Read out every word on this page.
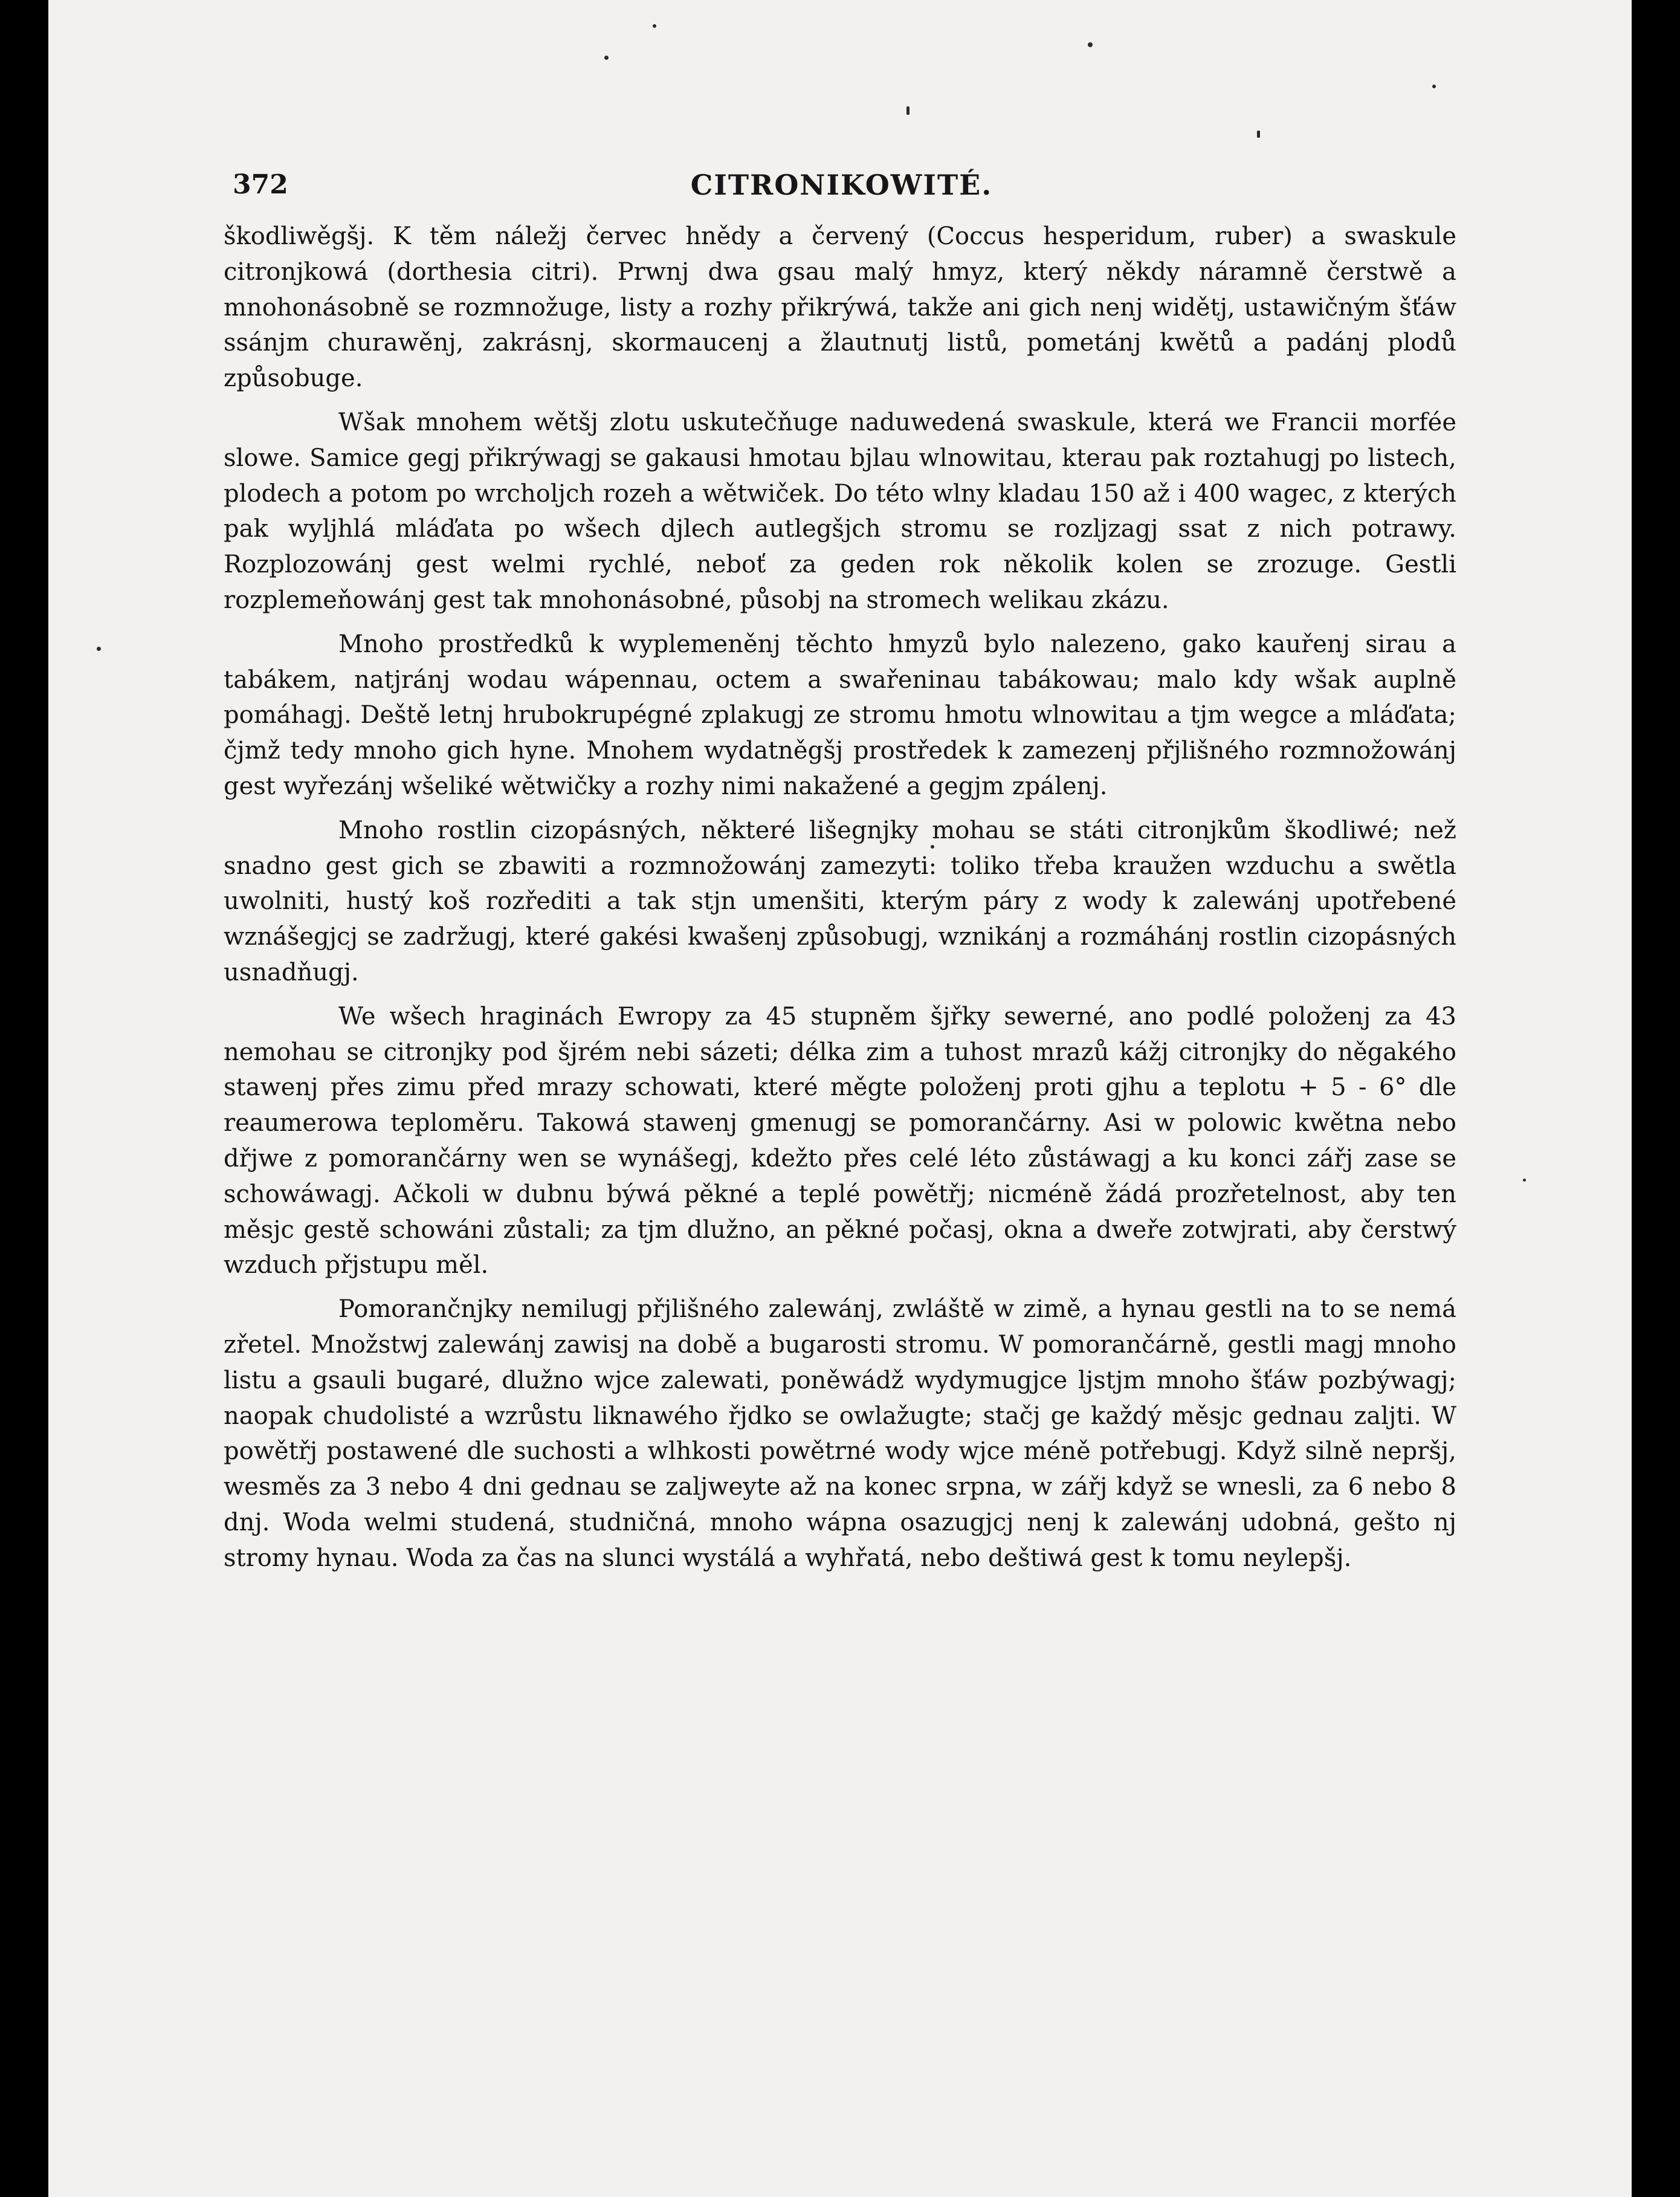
372	CITRONIKOWITÉ.

škodliwěgšj. K těm náležj červec hnědy a červený (Coccus hesperidum, ruber) a swaskule citronjkowá (dorthesia citri). Prwnj dwa gsau malý hmyz, který někdy náramně čerstwě a mnohonásobně se rozmnožuge, listy a rozhy přikrýwá, takže ani gich nenj widětj, ustawičným šťáw ssánjm churawěnj, zakrásnj, skormaucenj a žlautnutj listů, pometánj kwětů a padánj plodů způsobuge.

Wšak mnohem wětšj zlotu uskutečňuge naduwedená swaskule, která we Francii morfée slowe. Samice gegj přikrýwagj se gakausi hmotau bjlau wlnowitau, kterau pak roztahugj po listech, plodech a potom po wrcholjch rozeh a wětwiček. Do této wlny kladau 150 až i 400 wagec, z kterých pak wyljhlá mláďata po wšech djlech autlegšjch stromu se rozljzagj ssat z nich potrawy. Rozplozowánj gest welmi rychlé, neboť za geden rok několik kolen se zrozuge. Gestli rozplemeňowánj gest tak mnohonásobné, působj na stromech welikau zkázu.

Mnoho prostředků k wyplemeněnj těchto hmyzů bylo nalezeno, gako kauřenj sirau a tabákem, natjránj wodau wápennau, octem a swařeninau tabákowau; malo kdy wšak auplně pomáhagj. Deště letnj hrubokrupégné zplakugj ze stromu hmotu wlnowitau a tjm wegce a mláďata; čjmž tedy mnoho gich hyne. Mnohem wydatněgšj prostředek k zamezenj přjlišného rozmnožowánj gest wyřezánj wšeliké wětwičky a rozhy nimi nakažené a gegjm zpálenj.

Mnoho rostlin cizopásných, některé lišegnjky mohau se státi citronjkům škodliwé; než snadno gest gich se zbawiti a rozmnožowánj zamezyti: toliko třeba kraužen wzduchu a swětla uwolniti, hustý koš rozřediti a tak stjn umenšiti, kterým páry z wody k zalewánj upotřebené wznášegjcj se zadržugj, které gakési kwašenj způsobugj, wznikánj a rozmáhánj rostlin cizopásných usnadňugj.

We wšech hraginách Ewropy za 45 stupněm šjřky sewerné, ano podlé položenj za 43 nemohau se citronjky pod šjrém nebi sázeti; délka zim a tuhost mrazů kážj citronjky do něgakého stawenj přes zimu před mrazy schowati, které měgte položenj proti gjhu a teplotu + 5 - 6° dle reaumerowa teploměru. Takowá stawenj gmenugj se pomorančárny. Asi w polowic kwětna nebo dřjwe z pomorančárny wen se wynášegj, kdežto přes celé léto zůstáwagj a ku konci zářj zase se schowáwagj. Ačkoli w dubnu býwá pěkné a teplé powětřj; nicméně žádá prozřetelnost, aby ten měsjc gestě schowáni zůstali; za tjm dlužno, an pěkné počasj, okna a dweře zotwjrati, aby čerstwý wzduch přjstupu měl.

Pomorančnjky nemilugj přjlišného zalewánj, zwláště w zimě, a hynau gestli na to se nemá zřetel. Množstwj zalewánj zawisj na době a bugarosti stromu. W pomorančárně, gestli magj mnoho listu a gsauli bugaré, dlužno wjce zalewati, poněwádž wydymugjce ljstjm mnoho šťáw pozbýwagj; naopak chudolisté a wzrůstu liknawého řjdko se owlažugte; stačj ge každý měsjc gednau zaljti. W powětřj postawené dle suchosti a wlhkosti powětrné wody wjce méně potřebugj. Když silně nepršj, wesměs za 3 nebo 4 dni gednau se zaljweyte až na konec srpna, w zářj když se wnesli, za 6 nebo 8 dnj. Woda welmi studená, studničná, mnoho wápna osazugjcj nenj k zalewánj udobná, gešto nj stromy hynau. Woda za čas na slunci wystálá a wyhřatá, nebo deštiwá gest k tomu neylepšj.
